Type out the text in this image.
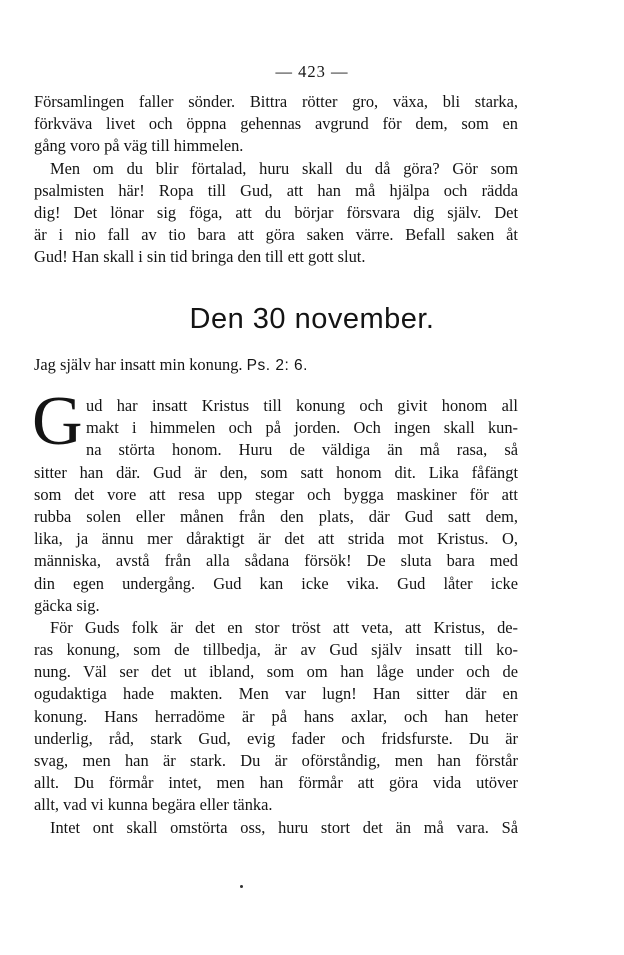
— 423 —
Församlingen faller sönder. Bittra rötter gro, växa, bli starka,
förkväva livet och öppna gehennas avgrund för dem, som en
gång voro på väg till himmelen.
Men om du blir förtalad, huru skall du då göra? Gör som
psalmisten här! Ropa till Gud, att han må hjälpa och rädda
dig! Det lönar sig föga, att du börjar försvara dig själv. Det
är i nio fall av tio bara att göra saken värre. Befall saken åt
Gud! Han skall i sin tid bringa den till ett gott slut.
Den 30 november.
Jag själv har insatt min konung. Ps. 2: 6.
G ud har insatt Kristus till konung och givit honom all
makt i himmelen och på jorden. Och ingen skall kun-
na störta honom. Huru de väldiga än må rasa, så
sitter han där. Gud är den, som satt honom dit. Lika fåfängt
som det vore att resa upp stegar och bygga maskiner för att
rubba solen eller månen från den plats, där Gud satt dem,
lika, ja ännu mer dåraktigt är det att strida mot Kristus. O,
människa, avstå från alla sådana försök! De sluta bara med
din egen undergång. Gud kan icke vika. Gud låter icke
gäcka sig.
För Guds folk är det en stor tröst att veta, att Kristus, de-
ras konung, som de tillbedja, är av Gud själv insatt till ko-
nung. Väl ser det ut ibland, som om han låge under och de
ogudaktiga hade makten. Men var lugn! Han sitter där en
konung. Hans herradöme är på hans axlar, och han heter
underlig, råd, stark Gud, evig fader och fridsfurste. Du är
svag, men han är stark. Du är oförståndig, men han förstår
allt. Du förmår intet, men han förmår att göra vida utöver
allt, vad vi kunna begära eller tänka.
Intet ont skall omstörta oss, huru stort det än må vara. Så
